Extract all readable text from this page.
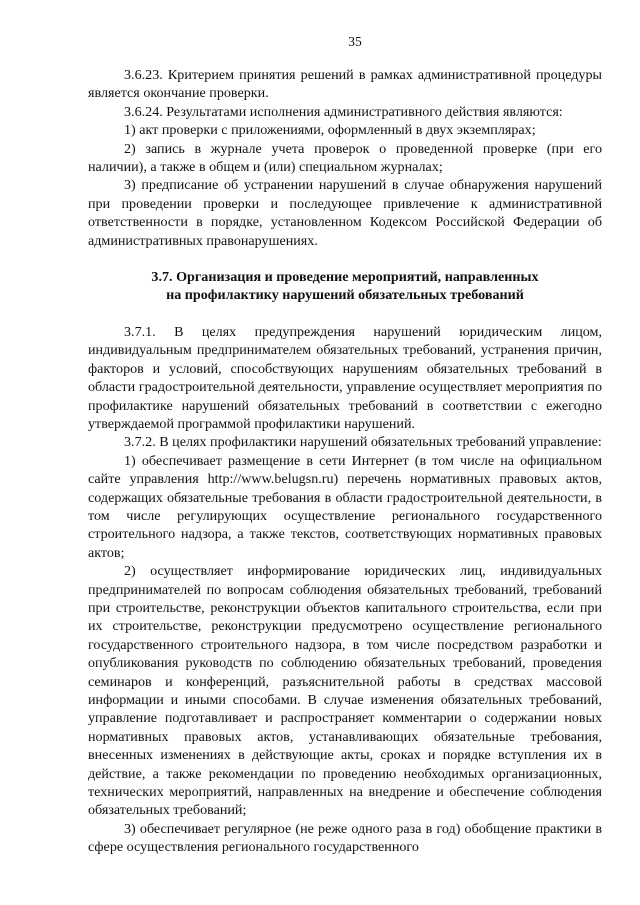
35

3.6.23. Критерием принятия решений в рамках административной процедуры является окончание проверки.

3.6.24. Результатами исполнения административного действия являются:

1) акт проверки с приложениями, оформленный в двух экземплярах;

2) запись в журнале учета проверок о проведенной проверке (при его наличии), а также в общем и (или) специальном журналах;

3) предписание об устранении нарушений в случае обнаружения нарушений при проведении проверки и последующее привлечение к административной ответственности в порядке, установленном Кодексом Российской Федерации об административных правонарушениях.

3.7. Организация и проведение мероприятий, направленных
на профилактику нарушений обязательных требований

3.7.1. В целях предупреждения нарушений юридическим лицом, индивидуальным предпринимателем обязательных требований, устранения причин, факторов и условий, способствующих нарушениям обязательных требований в области градостроительной деятельности, управление осуществляет мероприятия по профилактике нарушений обязательных требований в соответствии с ежегодно утверждаемой программой профилактики нарушений.

3.7.2. В целях профилактики нарушений обязательных требований управление:

1) обеспечивает размещение в сети Интернет (в том числе на официальном сайте управления http://www.belugsn.ru) перечень нормативных правовых актов, содержащих обязательные требования в области градостроительной деятельности, в том числе регулирующих осуществление регионального государственного строительного надзора, а также текстов, соответствующих нормативных правовых актов;

2) осуществляет информирование юридических лиц, индивидуальных предпринимателей по вопросам соблюдения обязательных требований, требований при строительстве, реконструкции объектов капитального строительства, если при их строительстве, реконструкции предусмотрено осуществление регионального государственного строительного надзора, в том числе посредством разработки и опубликования руководств по соблюдению обязательных требований, проведения семинаров и конференций, разъяснительной работы в средствах массовой информации и иными способами. В случае изменения обязательных требований, управление подготавливает и распространяет комментарии о содержании новых нормативных правовых актов, устанавливающих обязательные требования, внесенных изменениях в действующие акты, сроках и порядке вступления их в действие, а также рекомендации по проведению необходимых организационных, технических мероприятий, направленных на внедрение и обеспечение соблюдения обязательных требований;

3) обеспечивает регулярное (не реже одного раза в год) обобщение практики в сфере осуществления регионального государственного
